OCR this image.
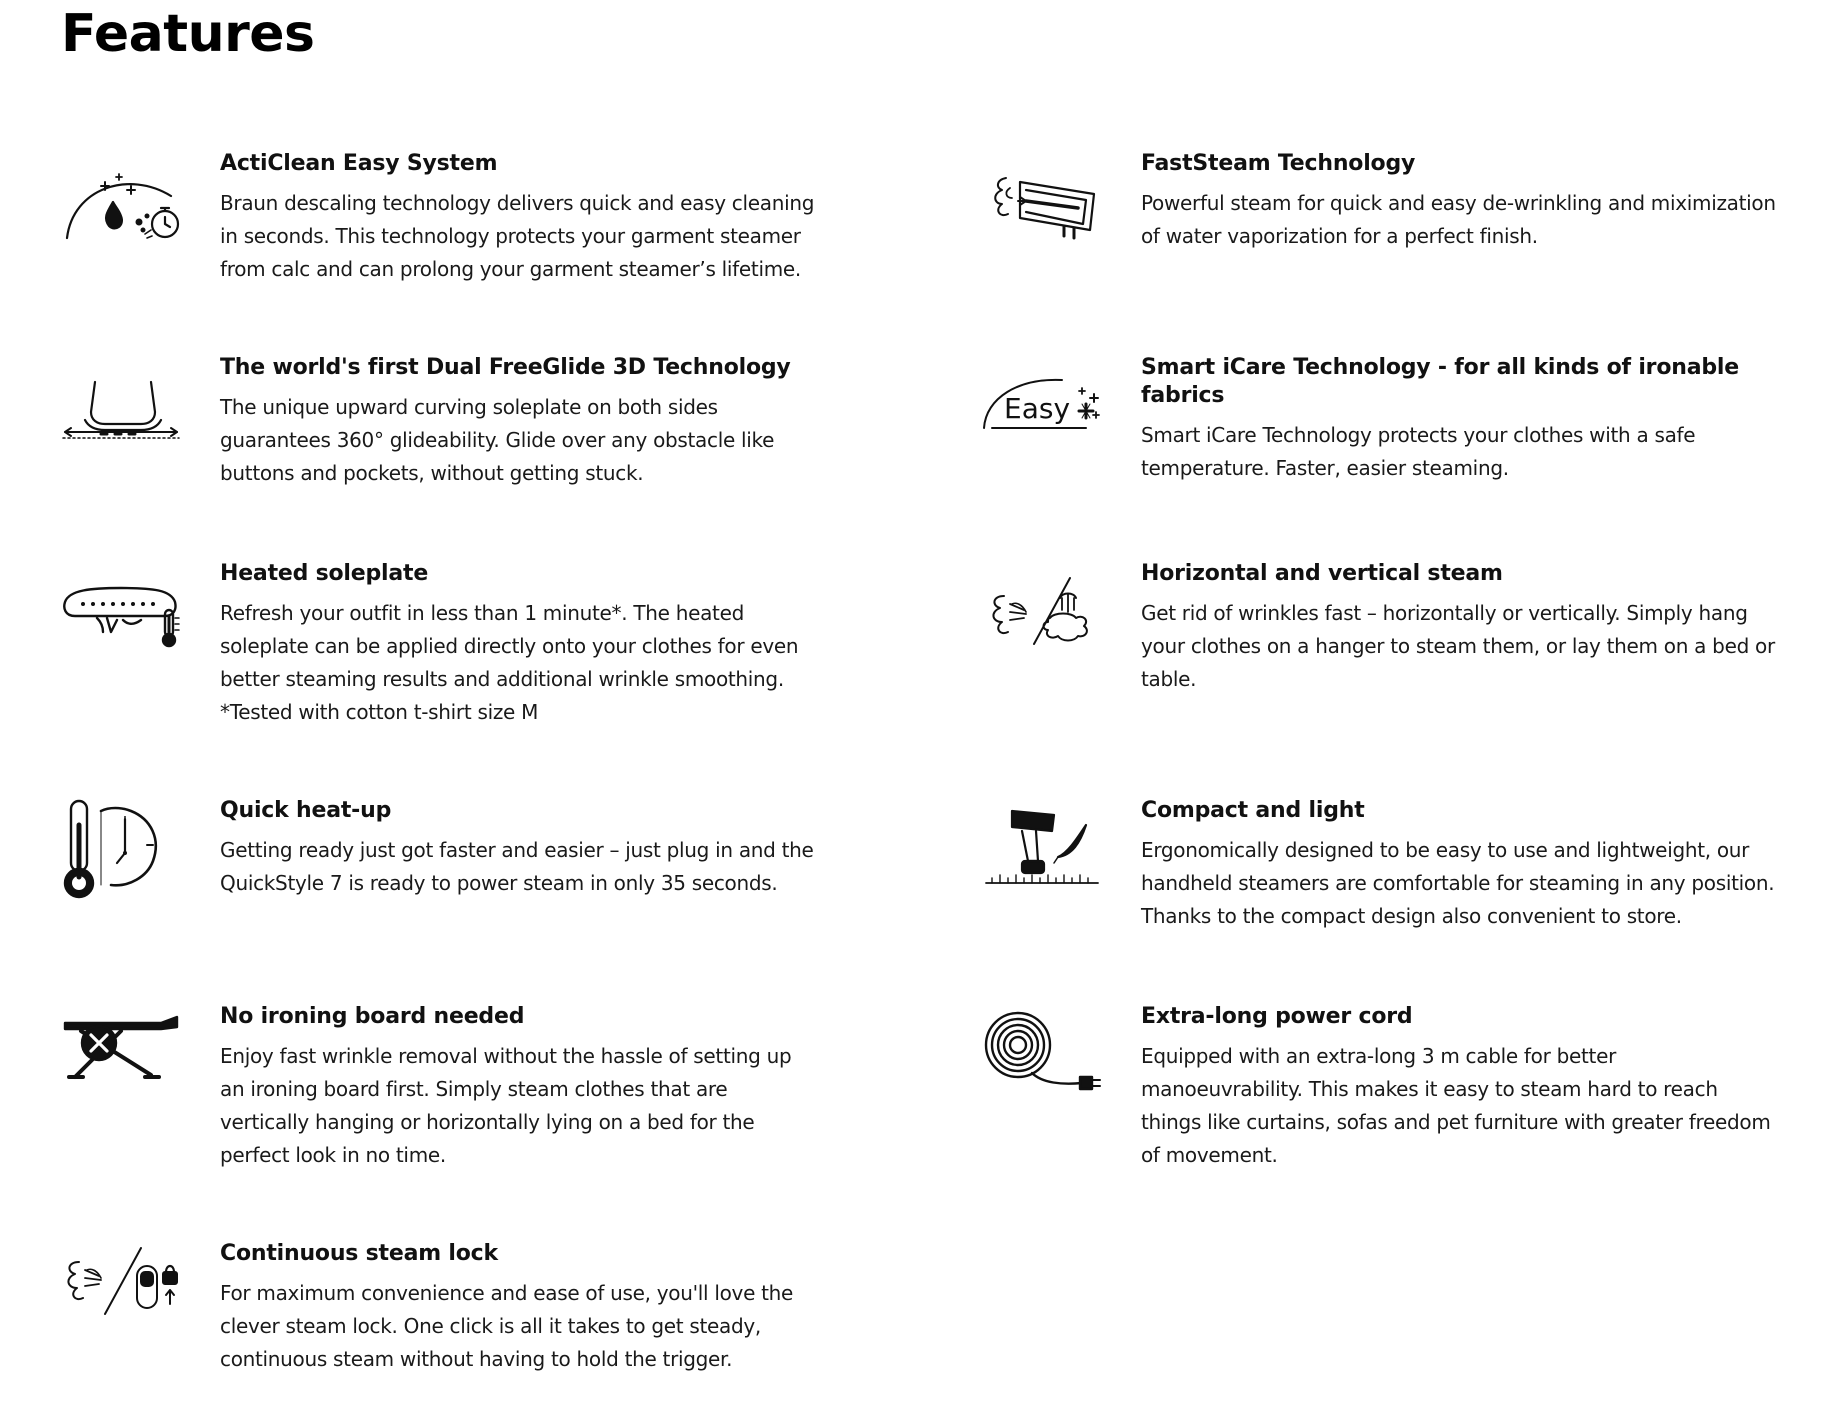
Features
ActiClean Easy System

Braun descaling technology delivers quick and easy cleaning in seconds. This technology protects your garment steamer from calc and can prolong your garment steamer’s lifetime.

FastSteam Technology

Powerful steam for quick and easy de-wrinkling and miximization of water vaporization for a perfect finish.

The world's first Dual FreeGlide 3D Technology

The unique upward curving soleplate on both sides guarantees 360° glideability. Glide over any obstacle like buttons and pockets, without getting stuck.

Easy
Smart iCare Technology - for all kinds of ironable fabrics

Smart iCare Technology protects your clothes with a safe temperature. Faster, easier steaming.

Heated soleplate

Refresh your outfit in less than 1 minute*. The heated soleplate can be applied directly onto your clothes for even better steaming results and additional wrinkle smoothing. *Tested with cotton t-shirt size M

Horizontal and vertical steam

Get rid of wrinkles fast – horizontally or vertically. Simply hang your clothes on a hanger to steam them, or lay them on a bed or table.

Quick heat-up

Getting ready just got faster and easier – just plug in and the QuickStyle 7 is ready to power steam in only 35 seconds.

Compact and light

Ergonomically designed to be easy to use and lightweight, our handheld steamers are comfortable for steaming in any position. Thanks to the compact design also convenient to store.

No ironing board needed

Enjoy fast wrinkle removal without the hassle of setting up an ironing board first. Simply steam clothes that are vertically hanging or horizontally lying on a bed for the perfect look in no time.

Extra-long power cord

Equipped with an extra-long 3 m cable for better manoeuvrability. This makes it easy to steam hard to reach things like curtains, sofas and pet furniture with greater freedom of movement.

Continuous steam lock

For maximum convenience and ease of use, you'll love the clever steam lock. One click is all it takes to get steady, continuous steam without having to hold the trigger.
